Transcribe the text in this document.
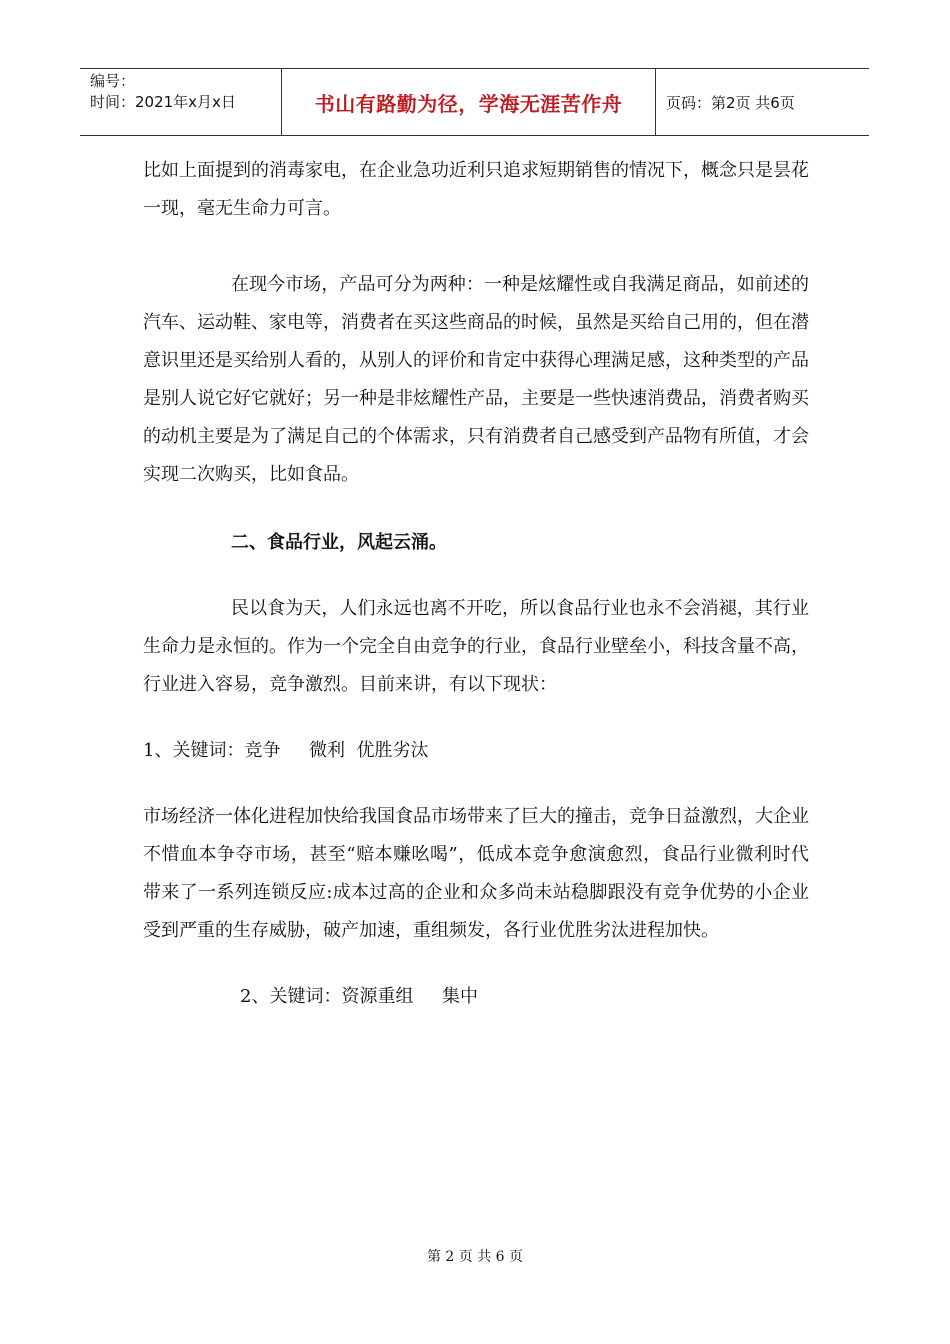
编号：
时间：2021年x月x日	书山有路勤为径，学海无涯苦作舟	页码：第2页 共6页

比如上面提到的消毒家电，在企业急功近利只追求短期销售的情况下，概念只是昙花一现，毫无生命力可言。

在现今市场，产品可分为两种：一种是炫耀性或自我满足商品，如前述的汽车、运动鞋、家电等，消费者在买这些商品的时候，虽然是买给自己用的，但在潜意识里还是买给别人看的，从别人的评价和肯定中获得心理满足感，这种类型的产品是别人说它好它就好；另一种是非炫耀性产品，主要是一些快速消费品，消费者购买的动机主要是为了满足自己的个体需求，只有消费者自己感受到产品物有所值，才会实现二次购买，比如食品。

二、食品行业，风起云涌。

民以食为天，人们永远也离不开吃，所以食品行业也永不会消褪，其行业生命力是永恒的。作为一个完全自由竞争的行业，食品行业壁垒小，科技含量不高，行业进入容易，竞争激烈。目前来讲，有以下现状：

1、关键词：竞争     微利  优胜劣汰

市场经济一体化进程加快给我国食品市场带来了巨大的撞击，竞争日益激烈，大企业不惜血本争夺市场，甚至“赔本赚吆喝”，低成本竞争愈演愈烈，食品行业微利时代带来了一系列连锁反应:成本过高的企业和众多尚未站稳脚跟没有竞争优势的小企业受到严重的生存威胁，破产加速，重组频发，各行业优胜劣汰进程加快。

2、关键词：资源重组     集中

第 2 页 共 6 页
